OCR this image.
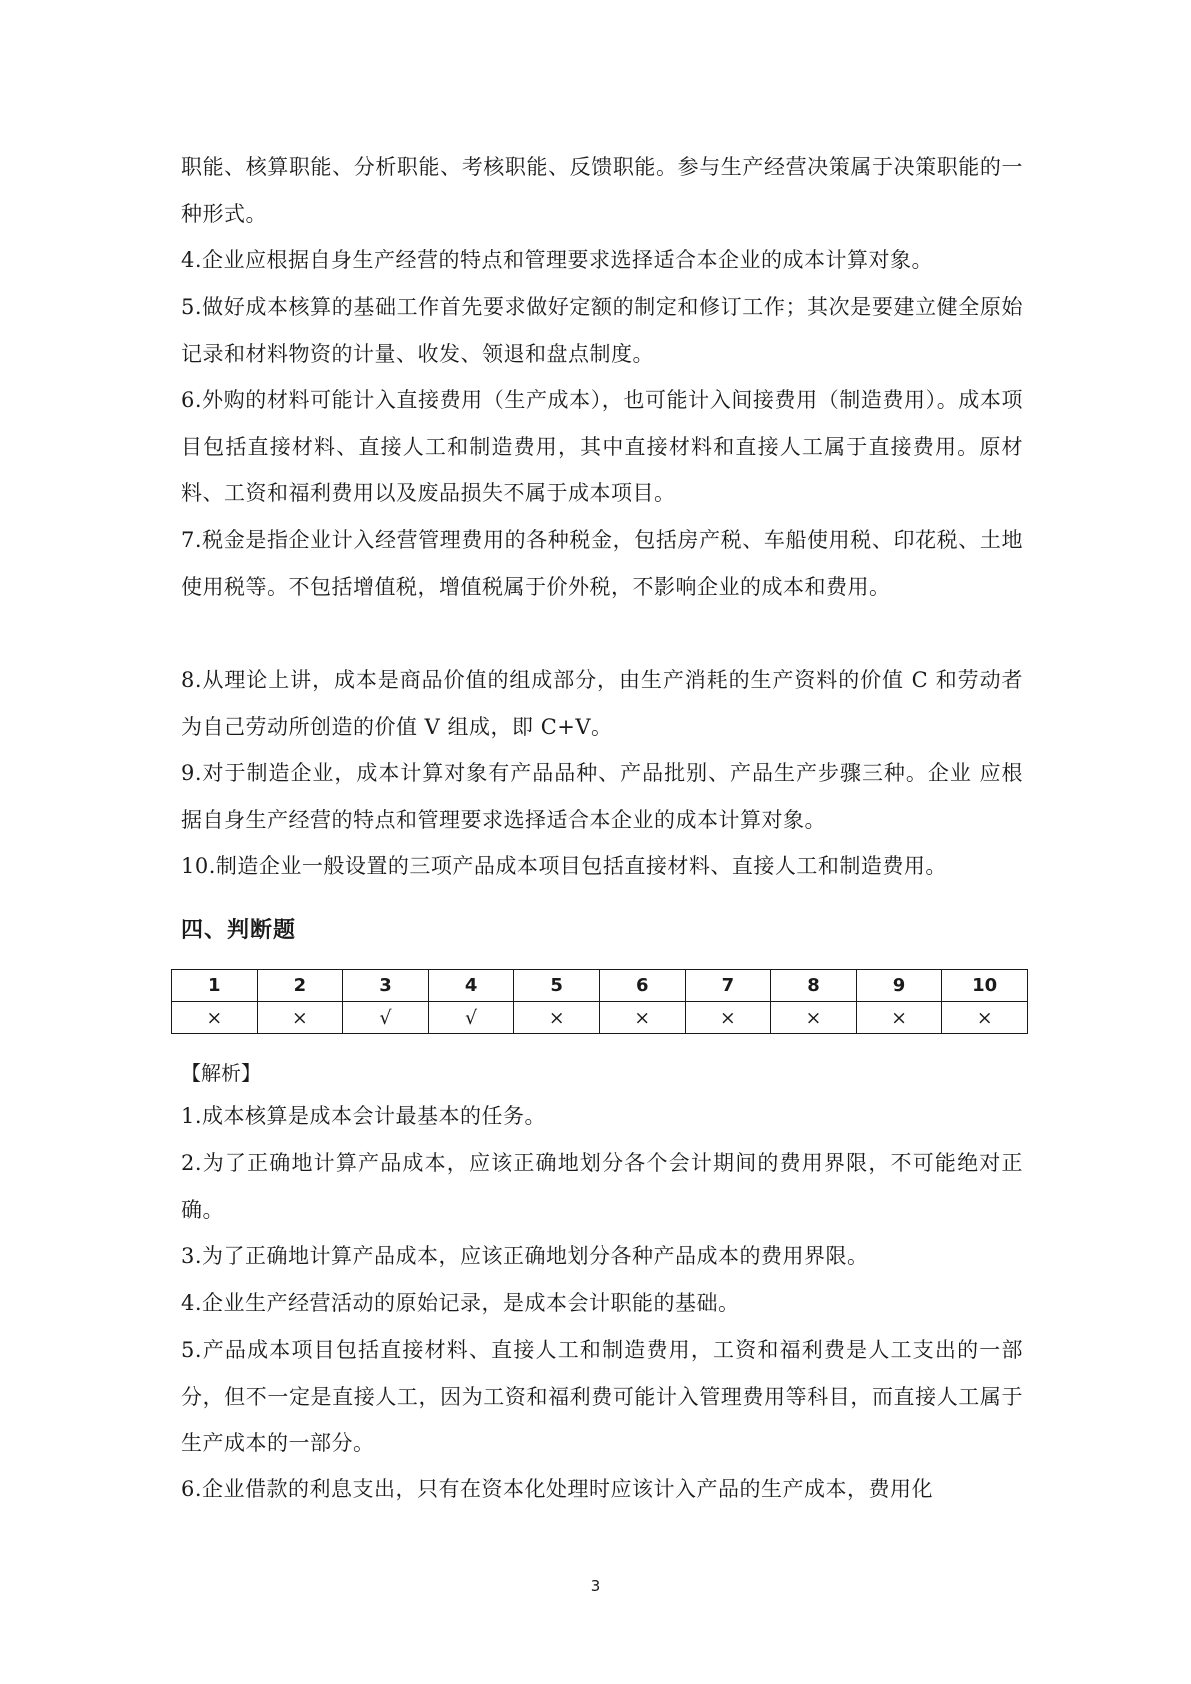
职能、核算职能、分析职能、考核职能、反馈职能。参与生产经营决策属于决策职能的一种形式。
4.企业应根据自身生产经营的特点和管理要求选择适合本企业的成本计算对象。
5.做好成本核算的基础工作首先要求做好定额的制定和修订工作；其次是要建立健全原始记录和材料物资的计量、收发、领退和盘点制度。
6.外购的材料可能计入直接费用（生产成本），也可能计入间接费用（制造费用）。成本项目包括直接材料、直接人工和制造费用，其中直接材料和直接人工属于直接费用。原材料、工资和福利费用以及废品损失不属于成本项目。
7.税金是指企业计入经营管理费用的各种税金，包括房产税、车船使用税、印花税、土地使用税等。不包括增值税，增值税属于价外税，不影响企业的成本和费用。
8.从理论上讲，成本是商品价值的组成部分，由生产消耗的生产资料的价值 C 和劳动者为自己劳动所创造的价值 V 组成，即 C+V。
9.对于制造企业，成本计算对象有产品品种、产品批别、产品生产步骤三种。企业 应根据自身生产经营的特点和管理要求选择适合本企业的成本计算对象。
10.制造企业一般设置的三项产品成本项目包括直接材料、直接人工和制造费用。
四、判断题
1	2	3	4	5	6	7	8	9	10
×	×	√	√	×	×	×	×	×	×
【解析】
1.成本核算是成本会计最基本的任务。
2.为了正确地计算产品成本，应该正确地划分各个会计期间的费用界限，不可能绝对正确。
3.为了正确地计算产品成本，应该正确地划分各种产品成本的费用界限。
4.企业生产经营活动的原始记录，是成本会计职能的基础。
5.产品成本项目包括直接材料、直接人工和制造费用，工资和福利费是人工支出的一部分，但不一定是直接人工，因为工资和福利费可能计入管理费用等科目，而直接人工属于生产成本的一部分。
6.企业借款的利息支出，只有在资本化处理时应该计入产品的生产成本，费用化
3
